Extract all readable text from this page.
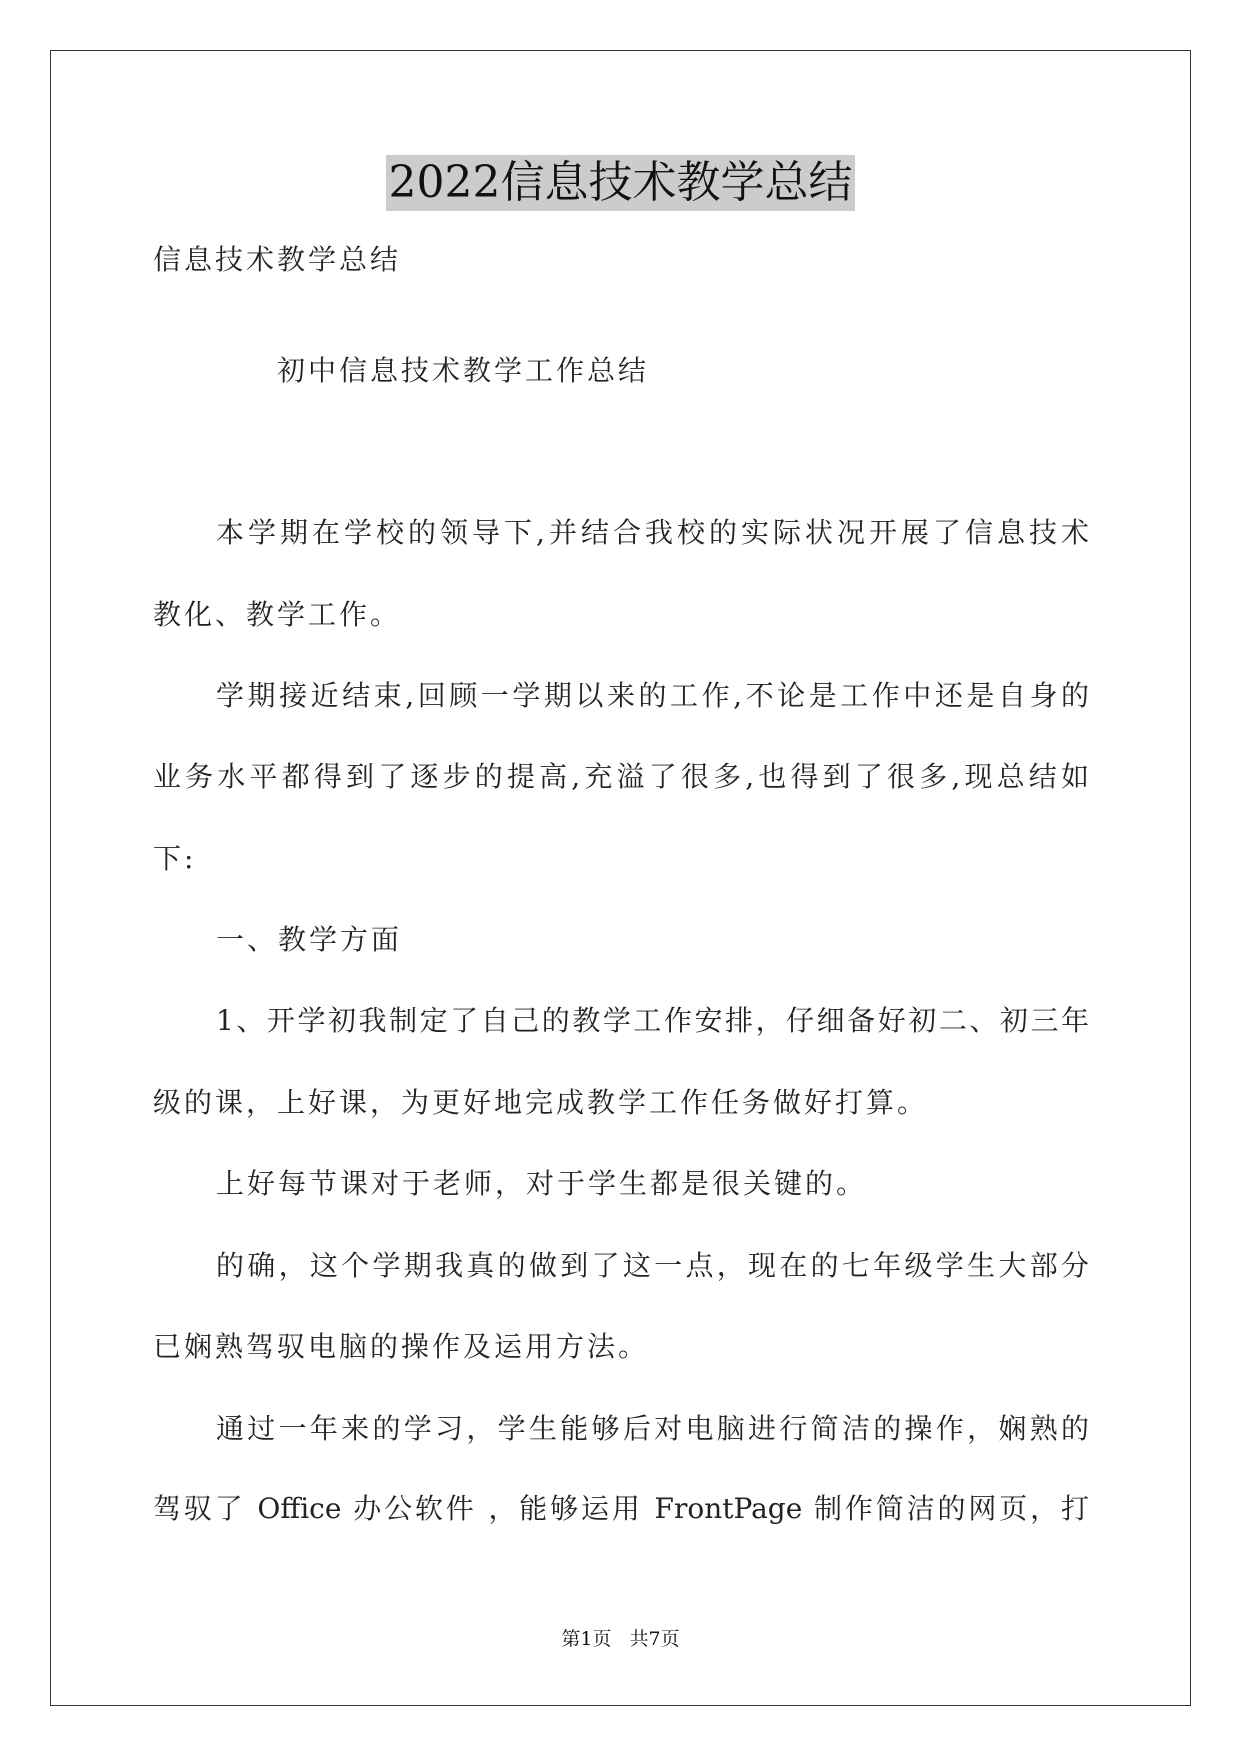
2022信息技术教学总结
信息技术教学总结
初中信息技术教学工作总结
本学期在学校的领导下,并结合我校的实际状况开展了信息技术
教化、教学工作。
学期接近结束,回顾一学期以来的工作,不论是工作中还是自身的
业务水平都得到了逐步的提高,充溢了很多,也得到了很多,现总结如
下:
一、教学方面
1、开学初我制定了自己的教学工作安排，仔细备好初二、初三年
级的课，上好课，为更好地完成教学工作任务做好打算。
上好每节课对于老师，对于学生都是很关键的。
的确，这个学期我真的做到了这一点，现在的七年级学生大部分
已娴熟驾驭电脑的操作及运用方法。
通过一年来的学习，学生能够后对电脑进行简洁的操作，娴熟的
驾驭了 Office 办公软件 ，能够运用 FrontPage 制作简洁的网页，打
第1页 共7页
